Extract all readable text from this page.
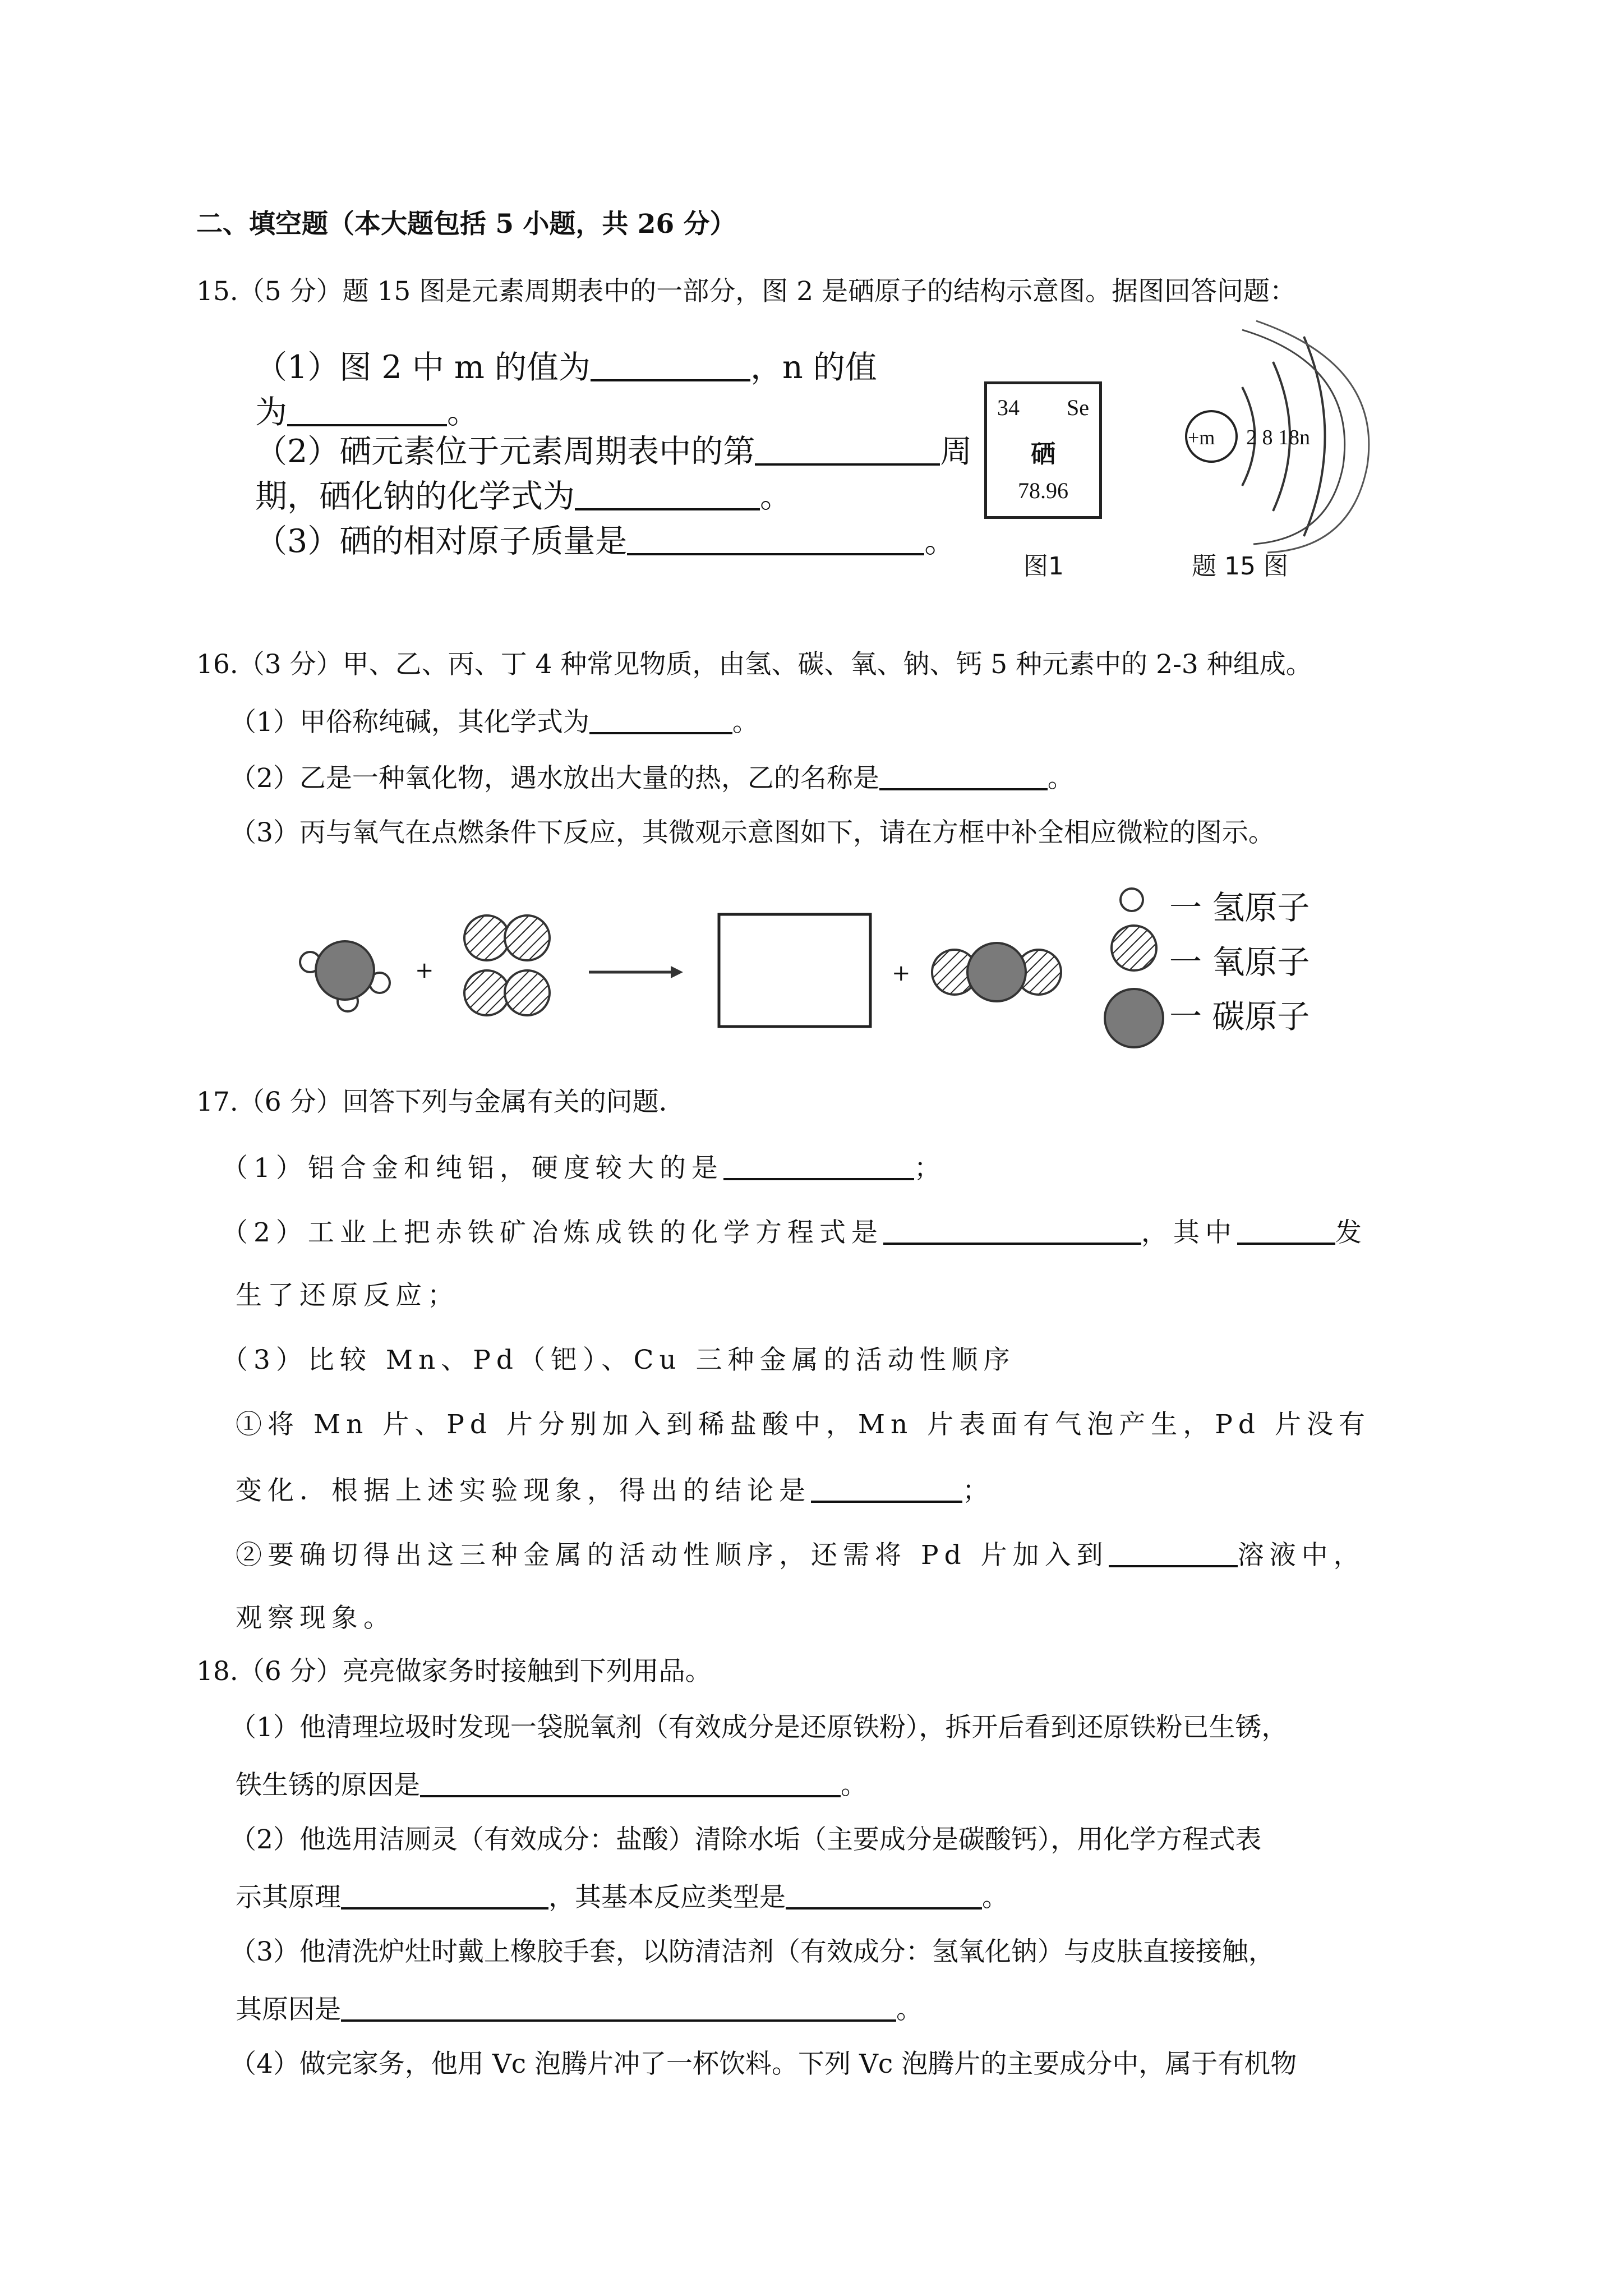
二、填空题（本大题包括 5 小题，共 26 分）
15.（5 分）题 15 图是元素周期表中的一部分，图 2 是硒原子的结构示意图。据图回答问题：
（1）图 2 中 m 的值为	，n 的值
为	。
（2）硒元素位于元素周期表中的第	周
期，硒化钠的化学式为	。
（3）硒的相对原子质量是	。
34 Se
硒
78.96
图1
+m 2 8 18n
题 15 图
16.（3 分）甲、乙、丙、丁 4 种常见物质，由氢、碳、氧、钠、钙 5 种元素中的 2-3 种组成。
（1）甲俗称纯碱，其化学式为	。
（2）乙是一种氧化物，遇水放出大量的热，乙的名称是	。
（3）丙与氧气在点燃条件下反应，其微观示意图如下，请在方框中补全相应微粒的图示。
+	+
一 氢原子
一 氧原子
一 碳原子
17.（6 分）回答下列与金属有关的问题．
（1）铝合金和纯铝，硬度较大的是	；
（2）工业上把赤铁矿冶炼成铁的化学方程式是	，其中	发
生了还原反应；
（3）比较 Mn、Pd（钯）、Cu 三种金属的活动性顺序
①将 Mn 片、Pd 片分别加入到稀盐酸中，Mn 片表面有气泡产生，Pd 片没有
变化．根据上述实验现象，得出的结论是	；
②要确切得出这三种金属的活动性顺序，还需将 Pd 片加入到	溶液中，
观察现象。
18.（6 分）亮亮做家务时接触到下列用品。
（1）他清理垃圾时发现一袋脱氧剂（有效成分是还原铁粉），拆开后看到还原铁粉已生锈，
铁生锈的原因是	。
（2）他选用洁厕灵（有效成分：盐酸）清除水垢（主要成分是碳酸钙），用化学方程式表
示其原理	，其基本反应类型是	。
（3）他清洗炉灶时戴上橡胶手套，以防清洁剂（有效成分：氢氧化钠）与皮肤直接接触，
其原因是	。
（4）做完家务，他用 Vc 泡腾片冲了一杯饮料。下列 Vc 泡腾片的主要成分中，属于有机物
